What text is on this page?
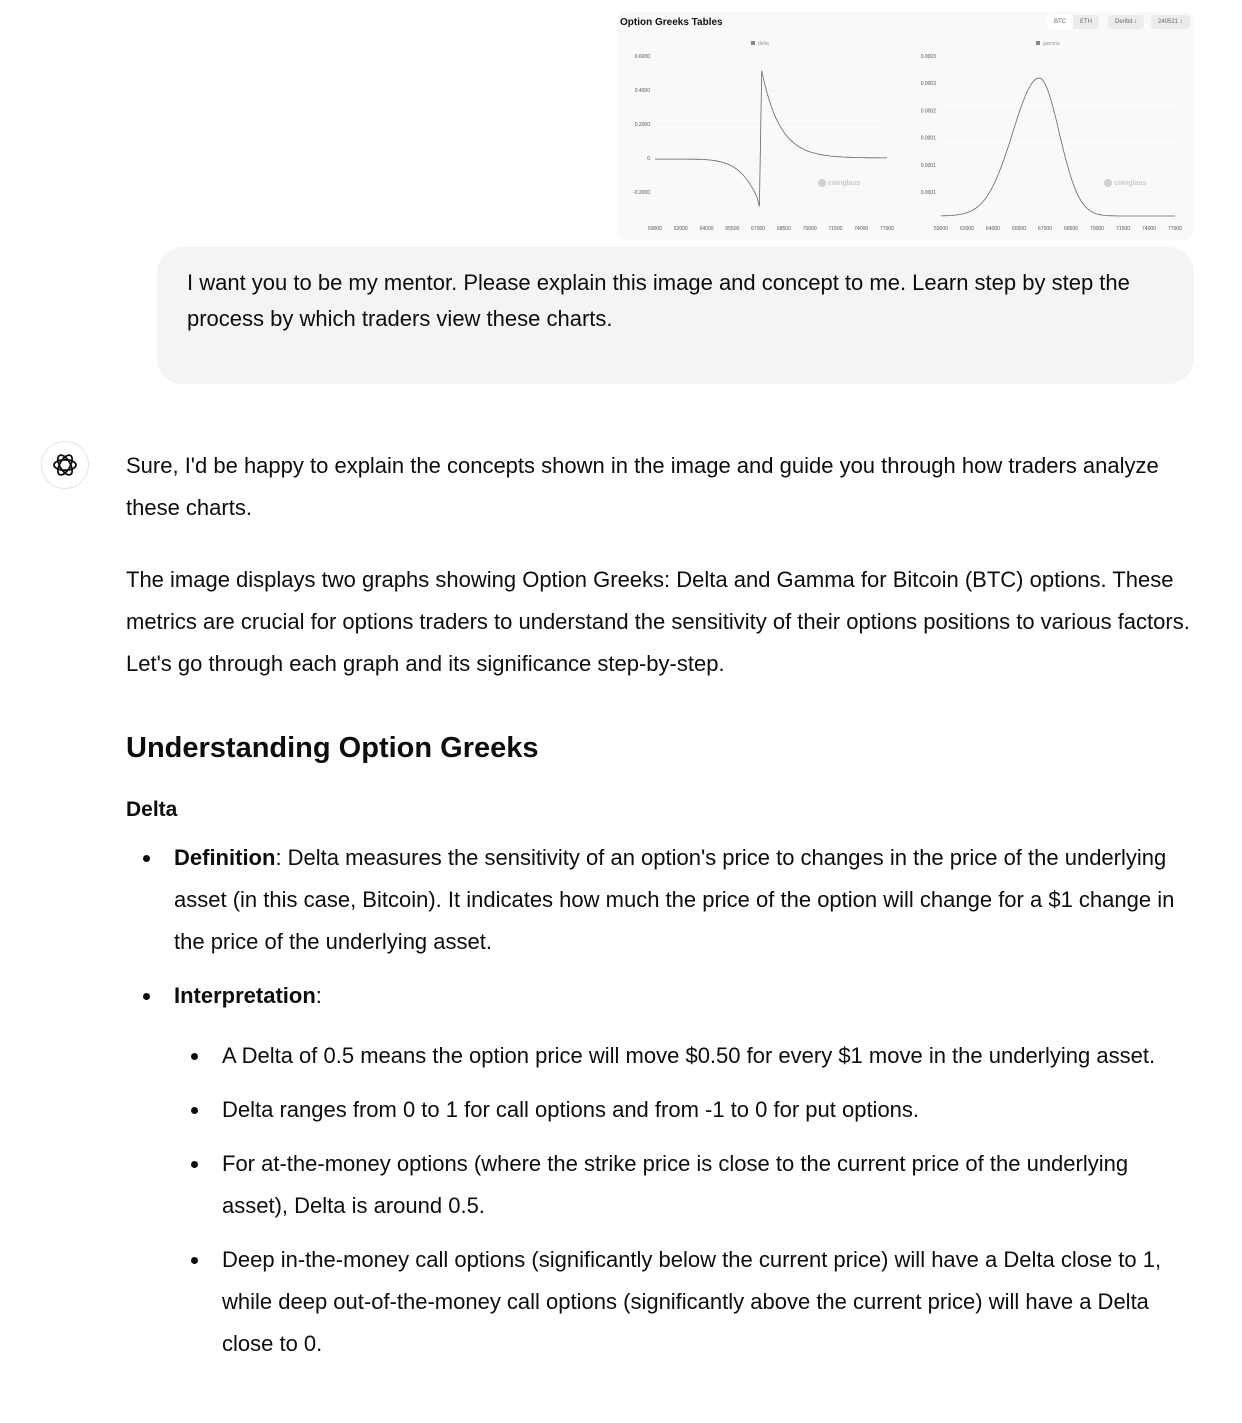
Option Greeks Tables	BTC	ETH	Deribit ↕	240521 ↕
delta
0.6000
0.4000
0.2000
0
-0.2000
59000 62000 64000 65500 67000 68500 70000 71500 74000 77000
coinglass
gamma
0.0003
0.0003
0.0002
0.0001
0.0001
0.0001
59000 62000 64000 65500 67000 68500 70000 71500 74000 77000
coinglass
I want you to be my mentor. Please explain this image and concept to me. Learn step by step the process by which traders view these charts.

Sure, I'd be happy to explain the concepts shown in the image and guide you through how traders analyze these charts.

The image displays two graphs showing Option Greeks: Delta and Gamma for Bitcoin (BTC) options. These metrics are crucial for options traders to understand the sensitivity of their options positions to various factors. Let's go through each graph and its significance step-by-step.

Understanding Option Greeks
Delta
Definition: Delta measures the sensitivity of an option's price to changes in the price of the underlying asset (in this case, Bitcoin). It indicates how much the price of the option will change for a $1 change in the price of the underlying asset.
Interpretation:
A Delta of 0.5 means the option price will move $0.50 for every $1 move in the underlying asset.
Delta ranges from 0 to 1 for call options and from -1 to 0 for put options.
For at-the-money options (where the strike price is close to the current price of the underlying asset), Delta is around 0.5.
Deep in-the-money call options (significantly below the current price) will have a Delta close to 1, while deep out-of-the-money call options (significantly above the current price) will have a Delta close to 0.
